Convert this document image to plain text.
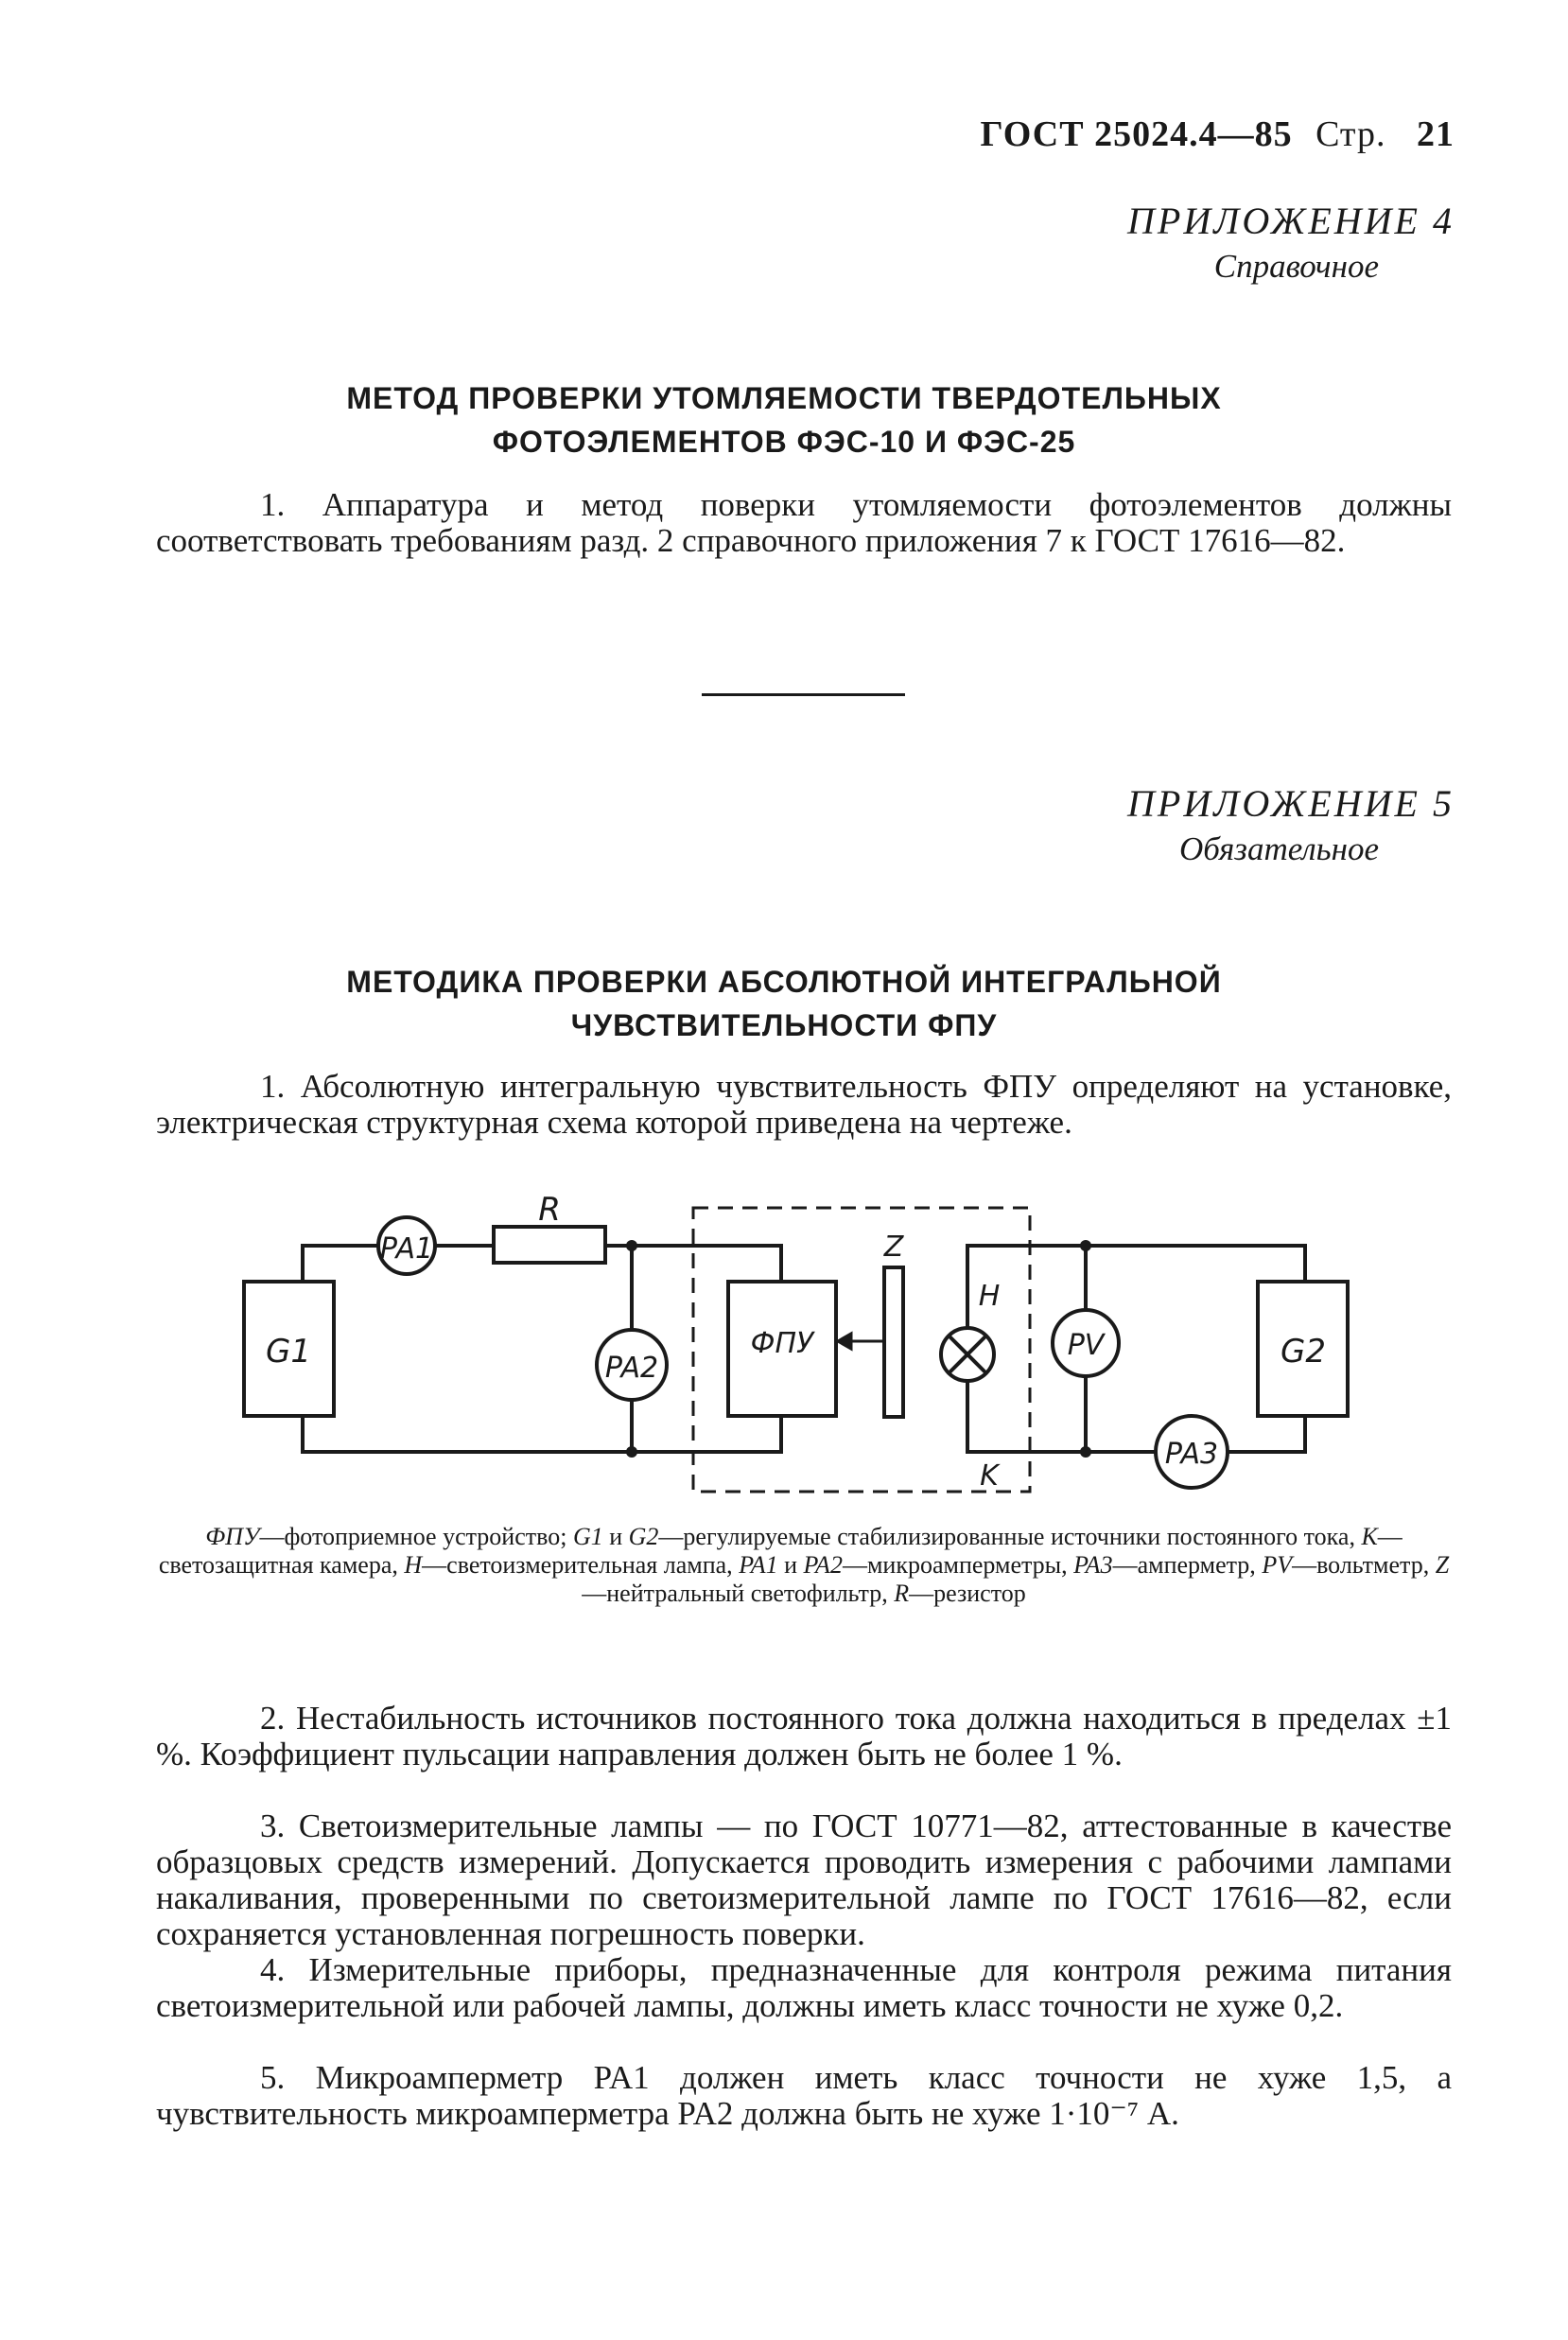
ГОСТ 25024.4—85 Стр. 21
ПРИЛОЖЕНИЕ 4
Справочное
МЕТОД ПРОВЕРКИ УТОМЛЯЕМОСТИ ТВЕРДОТЕЛЬНЫХ
ФОТОЭЛЕМЕНТОВ ФЭС-10 И ФЭС-25
1. Аппаратура и метод поверки утомляемости фотоэлементов должны соответствовать требованиям разд. 2 справочного приложения 7 к ГОСТ 17616—82.
ПРИЛОЖЕНИЕ 5
Обязательное
МЕТОДИКА ПРОВЕРКИ АБСОЛЮТНОЙ ИНТЕГРАЛЬНОЙ
ЧУВСТВИТЕЛЬНОСТИ ФПУ
1. Абсолютную интегральную чувствительность ФПУ определяют на установке, электрическая структурная схема которой приведена на чертеже.
G1
PA1
R
PA2
ФПУ
Z
H
PV
PA3
K
G2
ФПУ—фотоприемное устройство; G1 и G2—регулируемые стабилизированные источники постоянного тока, К—светозащитная камера, Н—светоизмерительная лампа, PA1 и PA2—микроамперметры, PA3—амперметр, PV—вольтметр, Z—нейтральный светофильтр, R—резистор
2. Нестабильность источников постоянного тока должна находиться в пределах ±1 %. Коэффициент пульсации направления должен быть не более 1 %.
3. Светоизмерительные лампы — по ГОСТ 10771—82, аттестованные в качестве образцовых средств измерений. Допускается проводить измерения с рабочими лампами накаливания, проверенными по светоизмерительной лампе по ГОСТ 17616—82, если сохраняется установленная погрешность поверки.
4. Измерительные приборы, предназначенные для контроля режима питания светоизмерительной или рабочей лампы, должны иметь класс точности не хуже 0,2.
5. Микроамперметр PA1 должен иметь класс точности не хуже 1,5, а чувствительность микроамперметра PA2 должна быть не хуже 1·10⁻⁷ А.
